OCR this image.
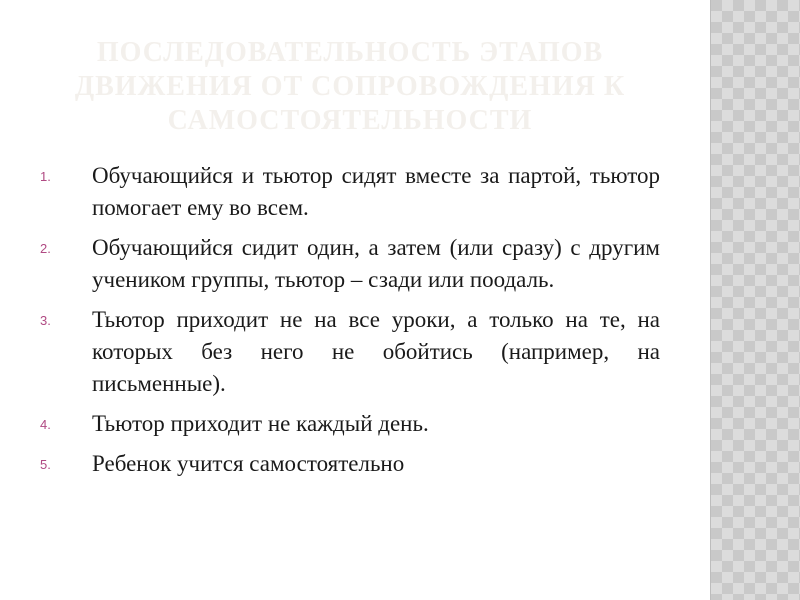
ПОСЛЕДОВАТЕЛЬНОСТЬ ЭТАПОВ
ДВИЖЕНИЯ ОТ СОПРОВОЖДЕНИЯ К
САМОСТОЯТЕЛЬНОСТИ
1.	Обучающийся и тьютор сидят вместе за партой, тьютор помогает ему во всем.
2.	Обучающийся сидит один, а затем (или сразу) с другим учеником группы, тьютор – сзади или поодаль.
3.	Тьютор приходит не на все уроки, а только на те, на которых без него не обойтись (например, на письменные).
4.	Тьютор приходит не каждый день.
5.	Ребенок учится самостоятельно
